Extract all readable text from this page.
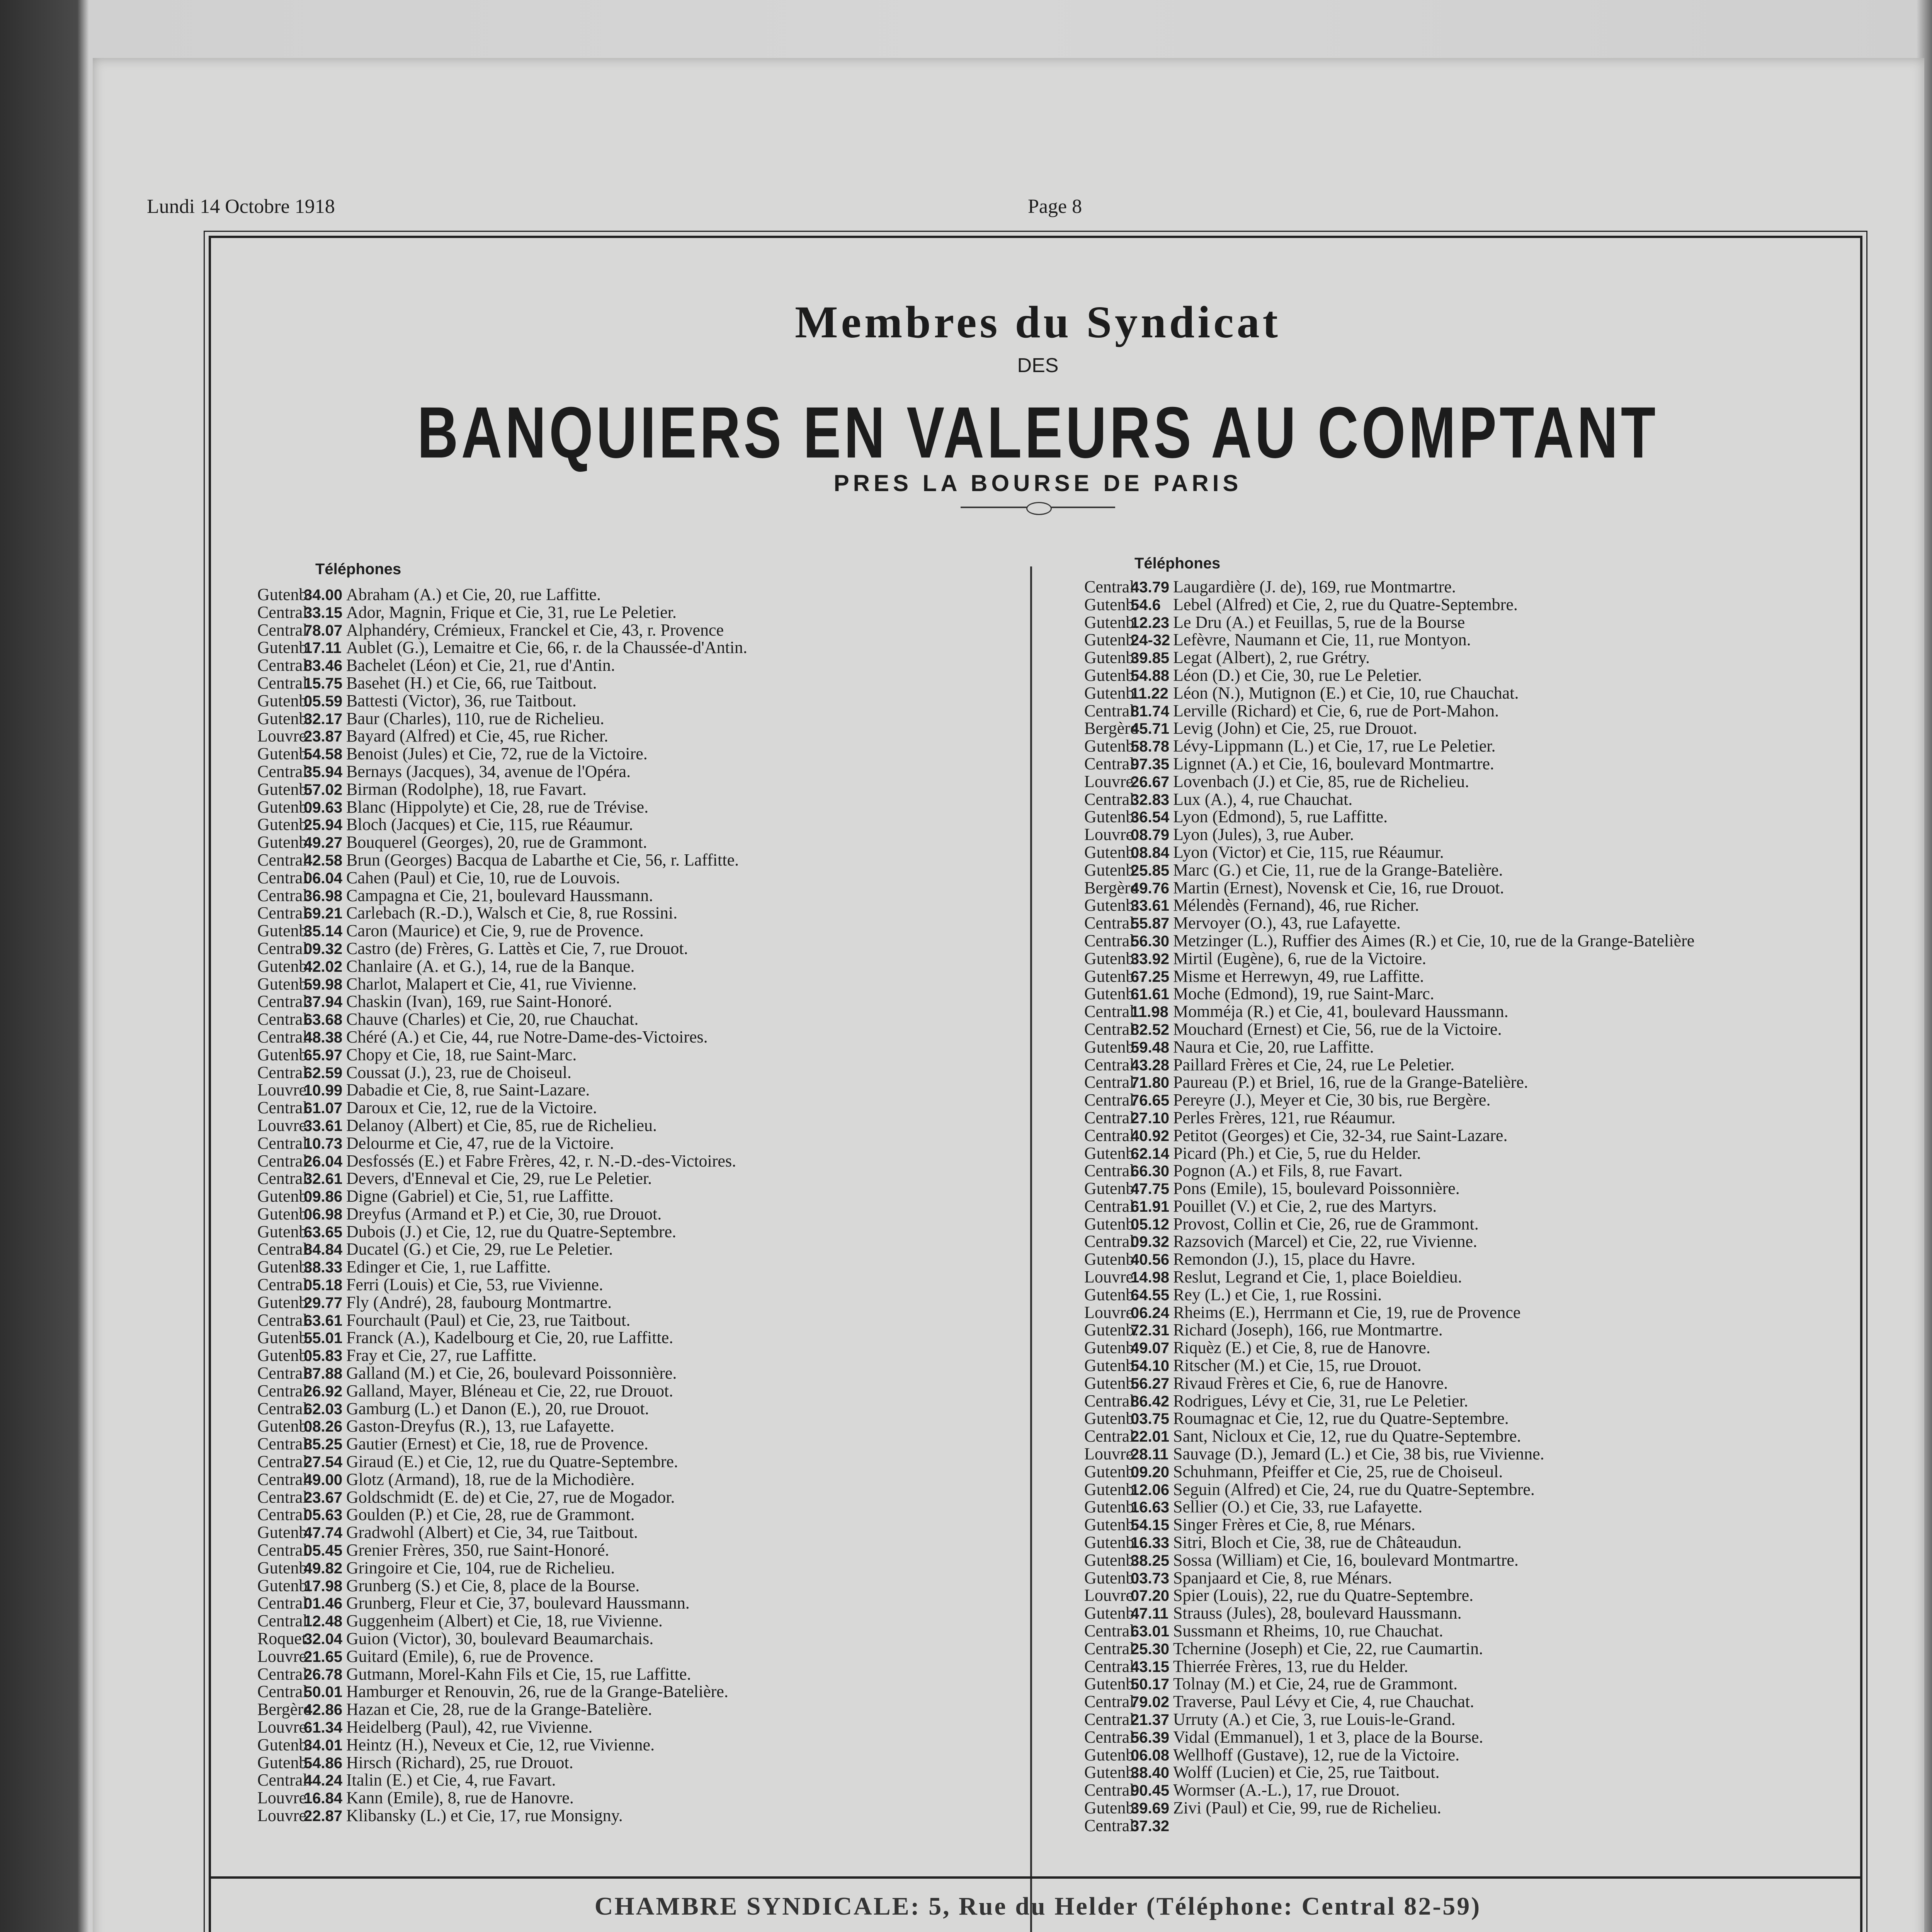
Lundi 14 Octobre 1918	Page 8
Membres du Syndicat
DES
BANQUIERS EN VALEURS AU COMPTANT
PRES LA BOURSE DE PARIS
Téléphones	Téléphones
Gutenb.34.00 Abraham (A.) et Cie, 20, rue Laffitte.
Central33.15 Ador, Magnin, Frique et Cie, 31, rue Le Peletier.
Central78.07 Alphandéry, Crémieux, Franckel et Cie, 43, r. Provence
Gutenb.17.11 Aublet (G.), Lemaitre et Cie, 66, r. de la Chaussée-d'Antin.
Central83.46 Bachelet (Léon) et Cie, 21, rue d'Antin.
Central15.75 Basehet (H.) et Cie, 66, rue Taitbout.
Gutenb.05.59 Battesti (Victor), 36, rue Taitbout.
Gutenb.32.17 Baur (Charles), 110, rue de Richelieu.
Louvre23.87 Bayard (Alfred) et Cie, 45, rue Richer.
Gutenb.54.58 Benoist (Jules) et Cie, 72, rue de la Victoire.
Central35.94 Bernays (Jacques), 34, avenue de l'Opéra.
Gutenb.57.02 Birman (Rodolphe), 18, rue Favart.
Gutenb.09.63 Blanc (Hippolyte) et Cie, 28, rue de Trévise.
Gutenb.25.94 Bloch (Jacques) et Cie, 115, rue Réaumur.
Gutenb.49.27 Bouquerel (Georges), 20, rue de Grammont.
Central42.58 Brun (Georges) Bacqua de Labarthe et Cie, 56, r. Laffitte.
Central06.04 Cahen (Paul) et Cie, 10, rue de Louvois.
Central36.98 Campagna et Cie, 21, boulevard Haussmann.
Central69.21 Carlebach (R.-D.), Walsch et Cie, 8, rue Rossini.
Gutenb.35.14 Caron (Maurice) et Cie, 9, rue de Provence.
Central09.32 Castro (de) Frères, G. Lattès et Cie, 7, rue Drouot.
Gutenb.42.02 Chanlaire (A. et G.), 14, rue de la Banque.
Gutenb.59.98 Charlot, Malapert et Cie, 41, rue Vivienne.
Central37.94 Chaskin (Ivan), 169, rue Saint-Honoré.
Central63.68 Chauve (Charles) et Cie, 20, rue Chauchat.
Central48.38 Chéré (A.) et Cie, 44, rue Notre-Dame-des-Victoires.
Gutenb.65.97 Chopy et Cie, 18, rue Saint-Marc.
Central62.59 Coussat (J.), 23, rue de Choiseul.
Louvre10.99 Dabadie et Cie, 8, rue Saint-Lazare.
Central61.07 Daroux et Cie, 12, rue de la Victoire.
Louvre33.61 Delanoy (Albert) et Cie, 85, rue de Richelieu.
Central10.73 Delourme et Cie, 47, rue de la Victoire.
Central26.04 Desfossés (E.) et Fabre Frères, 42, r. N.-D.-des-Victoires.
Central32.61 Devers, d'Enneval et Cie, 29, rue Le Peletier.
Gutenb.09.86 Digne (Gabriel) et Cie, 51, rue Laffitte.
Gutenb.06.98 Dreyfus (Armand et P.) et Cie, 30, rue Drouot.
Gutenb.63.65 Dubois (J.) et Cie, 12, rue du Quatre-Septembre.
Central84.84 Ducatel (G.) et Cie, 29, rue Le Peletier.
Gutenb.38.33 Edinger et Cie, 1, rue Laffitte.
Central05.18 Ferri (Louis) et Cie, 53, rue Vivienne.
Gutenb.29.77 Fly (André), 28, faubourg Montmartre.
Central63.61 Fourchault (Paul) et Cie, 23, rue Taitbout.
Gutenb.55.01 Franck (A.), Kadelbourg et Cie, 20, rue Laffitte.
Gutenb.05.83 Fray et Cie, 27, rue Laffitte.
Central87.88 Galland (M.) et Cie, 26, boulevard Poissonnière.
Central26.92 Galland, Mayer, Bléneau et Cie, 22, rue Drouot.
Central62.03 Gamburg (L.) et Danon (E.), 20, rue Drouot.
Gutenb.08.26 Gaston-Dreyfus (R.), 13, rue Lafayette.
Central85.25 Gautier (Ernest) et Cie, 18, rue de Provence.
Central27.54 Giraud (E.) et Cie, 12, rue du Quatre-Septembre.
Central49.00 Glotz (Armand), 18, rue de la Michodière.
Central23.67 Goldschmidt (E. de) et Cie, 27, rue de Mogador.
Central05.63 Goulden (P.) et Cie, 28, rue de Grammont.
Gutenb.47.74 Gradwohl (Albert) et Cie, 34, rue Taitbout.
Central05.45 Grenier Frères, 350, rue Saint-Honoré.
Gutenb.49.82 Gringoire et Cie, 104, rue de Richelieu.
Gutenb.17.98 Grunberg (S.) et Cie, 8, place de la Bourse.
Central01.46 Grunberg, Fleur et Cie, 37, boulevard Haussmann.
Central12.48 Guggenheim (Albert) et Cie, 18, rue Vivienne.
Roquet.32.04 Guion (Victor), 30, boulevard Beaumarchais.
Louvre21.65 Guitard (Emile), 6, rue de Provence.
Central26.78 Gutmann, Morel-Kahn Fils et Cie, 15, rue Laffitte.
Central50.01 Hamburger et Renouvin, 26, rue de la Grange-Batelière.
Bergère42.86 Hazan et Cie, 28, rue de la Grange-Batelière.
Louvre61.34 Heidelberg (Paul), 42, rue Vivienne.
Gutenb.34.01 Heintz (H.), Neveux et Cie, 12, rue Vivienne.
Gutenb.54.86 Hirsch (Richard), 25, rue Drouot.
Central44.24 Italin (E.) et Cie, 4, rue Favart.
Louvre16.84 Kann (Emile), 8, rue de Hanovre.
Louvre22.87 Klibansky (L.) et Cie, 17, rue Monsigny.
Central43.79 Laugardière (J. de), 169, rue Montmartre.
Gutenb.54.6 Lebel (Alfred) et Cie, 2, rue du Quatre-Septembre.
Gutenb.12.23 Le Dru (A.) et Feuillas, 5, rue de la Bourse
Gutenb.24-32 Lefèvre, Naumann et Cie, 11, rue Montyon.
Gutenb.39.85 Legat (Albert), 2, rue Grétry.
Gutenb.54.88 Léon (D.) et Cie, 30, rue Le Peletier.
Gutenb.11.22 Léon (N.), Mutignon (E.) et Cie, 10, rue Chauchat.
Central81.74 Lerville (Richard) et Cie, 6, rue de Port-Mahon.
Bergère45.71 Levig (John) et Cie, 25, rue Drouot.
Gutenb.58.78 Lévy-Lippmann (L.) et Cie, 17, rue Le Peletier.
Central97.35 Lignnet (A.) et Cie, 16, boulevard Montmartre.
Louvre26.67 Lovenbach (J.) et Cie, 85, rue de Richelieu.
Central32.83 Lux (A.), 4, rue Chauchat.
Gutenb.36.54 Lyon (Edmond), 5, rue Laffitte.
Louvre08.79 Lyon (Jules), 3, rue Auber.
Gutenb.08.84 Lyon (Victor) et Cie, 115, rue Réaumur.
Gutenb.25.85 Marc (G.) et Cie, 11, rue de la Grange-Batelière.
Bergère49.76 Martin (Ernest), Novensk et Cie, 16, rue Drouot.
Gutenb.33.61 Mélendès (Fernand), 46, rue Richer.
Central55.87 Mervoyer (O.), 43, rue Lafayette.
Central56.30 Metzinger (L.), Ruffier des Aimes (R.) et Cie, 10, rue de la Grange-Batelière
Gutenb.33.92 Mirtil (Eugène), 6, rue de la Victoire.
Gutenb.67.25 Misme et Herrewyn, 49, rue Laffitte.
Gutenb.61.61 Moche (Edmond), 19, rue Saint-Marc.
Central11.98 Momméja (R.) et Cie, 41, boulevard Haussmann.
Central82.52 Mouchard (Ernest) et Cie, 56, rue de la Victoire.
Gutenb.59.48 Naura et Cie, 20, rue Laffitte.
Central43.28 Paillard Frères et Cie, 24, rue Le Peletier.
Central71.80 Paureau (P.) et Briel, 16, rue de la Grange-Batelière.
Central76.65 Pereyre (J.), Meyer et Cie, 30 bis, rue Bergère.
Central27.10 Perles Frères, 121, rue Réaumur.
Central40.92 Petitot (Georges) et Cie, 32-34, rue Saint-Lazare.
Gutenb.62.14 Picard (Ph.) et Cie, 5, rue du Helder.
Central66.30 Pognon (A.) et Fils, 8, rue Favart.
Gutenb.47.75 Pons (Emile), 15, boulevard Poissonnière.
Central61.91 Pouillet (V.) et Cie, 2, rue des Martyrs.
Gutenb.05.12 Provost, Collin et Cie, 26, rue de Grammont.
Central09.32 Razsovich (Marcel) et Cie, 22, rue Vivienne.
Gutenb.40.56 Remondon (J.), 15, place du Havre.
Louvre14.98 Reslut, Legrand et Cie, 1, place Boieldieu.
Gutenb.64.55 Rey (L.) et Cie, 1, rue Rossini.
Louvre06.24 Rheims (E.), Herrmann et Cie, 19, rue de Provence
Gutenb.72.31 Richard (Joseph), 166, rue Montmartre.
Gutenb.49.07 Riquèz (E.) et Cie, 8, rue de Hanovre.
Gutenb.54.10 Ritscher (M.) et Cie, 15, rue Drouot.
Gutenb.56.27 Rivaud Frères et Cie, 6, rue de Hanovre.
Central86.42 Rodrigues, Lévy et Cie, 31, rue Le Peletier.
Gutenb.03.75 Roumagnac et Cie, 12, rue du Quatre-Septembre.
Central22.01 Sant, Nicloux et Cie, 12, rue du Quatre-Septembre.
Louvre28.11 Sauvage (D.), Jemard (L.) et Cie, 38 bis, rue Vivienne.
Gutenb.09.20 Schuhmann, Pfeiffer et Cie, 25, rue de Choiseul.
Gutenb.12.06 Seguin (Alfred) et Cie, 24, rue du Quatre-Septembre.
Gutenb.16.63 Sellier (O.) et Cie, 33, rue Lafayette.
Gutenb.54.15 Singer Frères et Cie, 8, rue Ménars.
Gutenb.16.33 Sitri, Bloch et Cie, 38, rue de Châteaudun.
Gutenb.38.25 Sossa (William) et Cie, 16, boulevard Montmartre.
Gutenb.03.73 Spanjaard et Cie, 8, rue Ménars.
Louvre07.20 Spier (Louis), 22, rue du Quatre-Septembre.
Gutenb.47.11 Strauss (Jules), 28, boulevard Haussmann.
Central63.01 Sussmann et Rheims, 10, rue Chauchat.
Central25.30 Tchernine (Joseph) et Cie, 22, rue Caumartin.
Central43.15 Thierrée Frères, 13, rue du Helder.
Gutenb.50.17 Tolnay (M.) et Cie, 24, rue de Grammont.
Central79.02 Traverse, Paul Lévy et Cie, 4, rue Chauchat.
Central21.37 Urruty (A.) et Cie, 3, rue Louis-le-Grand.
Central56.39 Vidal (Emmanuel), 1 et 3, place de la Bourse.
Gutenb.06.08 Wellhoff (Gustave), 12, rue de la Victoire.
Gutenb.38.40 Wolff (Lucien) et Cie, 25, rue Taitbout.
Central90.45 Wormser (A.-L.), 17, rue Drouot.
Gutenb.39.69 Zivi (Paul) et Cie, 99, rue de Richelieu.
Central37.32
CHAMBRE SYNDICALE: 5, Rue du Helder (Téléphone: Central 82-59)
